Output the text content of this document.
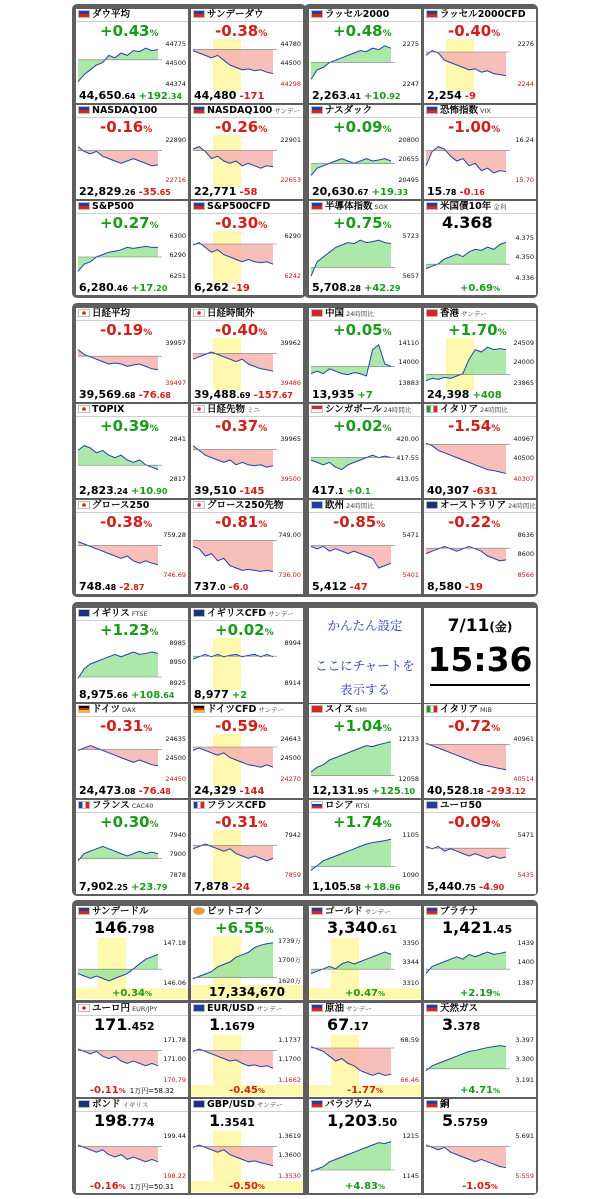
ダウ平均
44775
44500
44374
+0.43%
44,650.64 +192.34
サンデーダウ
44780
44500
44298
-0.38%
44,480 -171
ラッセル2000
2275
2247
+0.48%
2,263.41 +10.92
ラッセル2000CFD
2276
2244
-0.40%
2,254 -9
NASDAQ100
22890
22716
-0.16%
22,829.26 -35.65
NASDAQ100 サンデー
22901
22653
-0.26%
22,771 -58
ナスダック
20800
20655
20495
+0.09%
20,630.67 +19.33
恐怖指数 VIX
16.24
15.70
-1.00%
15.78 -0.16
S&P500
6300
6290
6251
+0.27%
6,280.46 +17.20
S&P500CFD
6290
6242
-0.30%
6,262 -19
半導体指数 SOX
5723
5657
+0.75%
5,708.28 +42.29
米国債10年 金利
4.375
4.350
4.336
4.368
+0.69%
日経平均
39957
39497
-0.19%
39,569.68 -76.68
日経時間外
39962
39486
-0.40%
39,488.69 -157.67
中国 24時間比
14110
14000
13883
+0.05%
13,935 +7
香港 サンデー
24509
24000
23865
+1.70%
24,398 +408
TOPIX
2841
2817
+0.39%
2,823.24 +10.90
日経先物 ミニ
39965
39500
-0.37%
39,510 -145
シンガポール 24時間比
420.00
417.55
413.05
+0.02%
417.1 +0.1
イタリア 24時間比
40967
40500
40307
-1.54%
40,307 -631
グロース250
759.28
746.69
-0.38%
748.48 -2.87
グロース250先物
749.00
736.00
-0.81%
737.0 -6.0
欧州 24時間比
5471
5401
-0.85%
5,412 -47
オーストラリア 24時間比
8636
8600
8566
-0.22%
8,580 -19
イギリス FTSE
8985
8950
8925
+1.23%
8,975.66 +108.64
イギリスCFD サンデー
8994
8914
+0.02%
8,977 +2
ドイツ DAX
24635
24500
24450
-0.31%
24,473.08 -76.48
ドイツCFD サンデー
24643
24500
24270
-0.59%
24,329 -144
スイス SMI
12133
12058
+1.04%
12,131.95 +125.10
イタリア MIB
40961
40514
-0.72%
40,528.18 -293.12
フランス CAC40
7940
7900
7878
+0.30%
7,902.25 +23.79
フランスCFD
7942
7859
-0.31%
7,878 -24
ロシア RTSI
1105
1090
+1.74%
1,105.58 +18.96
ユーロ50
5471
5435
-0.09%
5,440.75 -4.90
サンデードル
147.18
146.06
146.798
+0.34%
ビットコイン
1739万
1700万
1620万
+6.55%
17,334,670
ゴールド サンデー
3350
3344
3310
3,340.61
+0.47%
プラチナ
1439
1400
1387
1,421.45
+2.19%
ユーロ円 EUR/JPY
171.78
171.00
170.79
171.452
-0.11% 1万円=58.32
EUR/USD サンデー
1.1737
1.1700
1.1662
1.1679
-0.45%
原油 サンデー
68.59
66.46
67.17
-1.77%
天然ガス
3.397
3.300
3.191
3.378
+4.71%
ポンド イギリス
199.44
198.22
198.774
-0.16% 1万円=50.31
GBP/USD サンデー
1.3619
1.3600
1.3530
1.3541
-0.50%
パラジウム
1215
1145
1,203.50
+4.83%
銅
5.691
5.559
5.5759
-1.05%
かんたん設定
ここにチャートを
表示する
7/11(金)
15:36
